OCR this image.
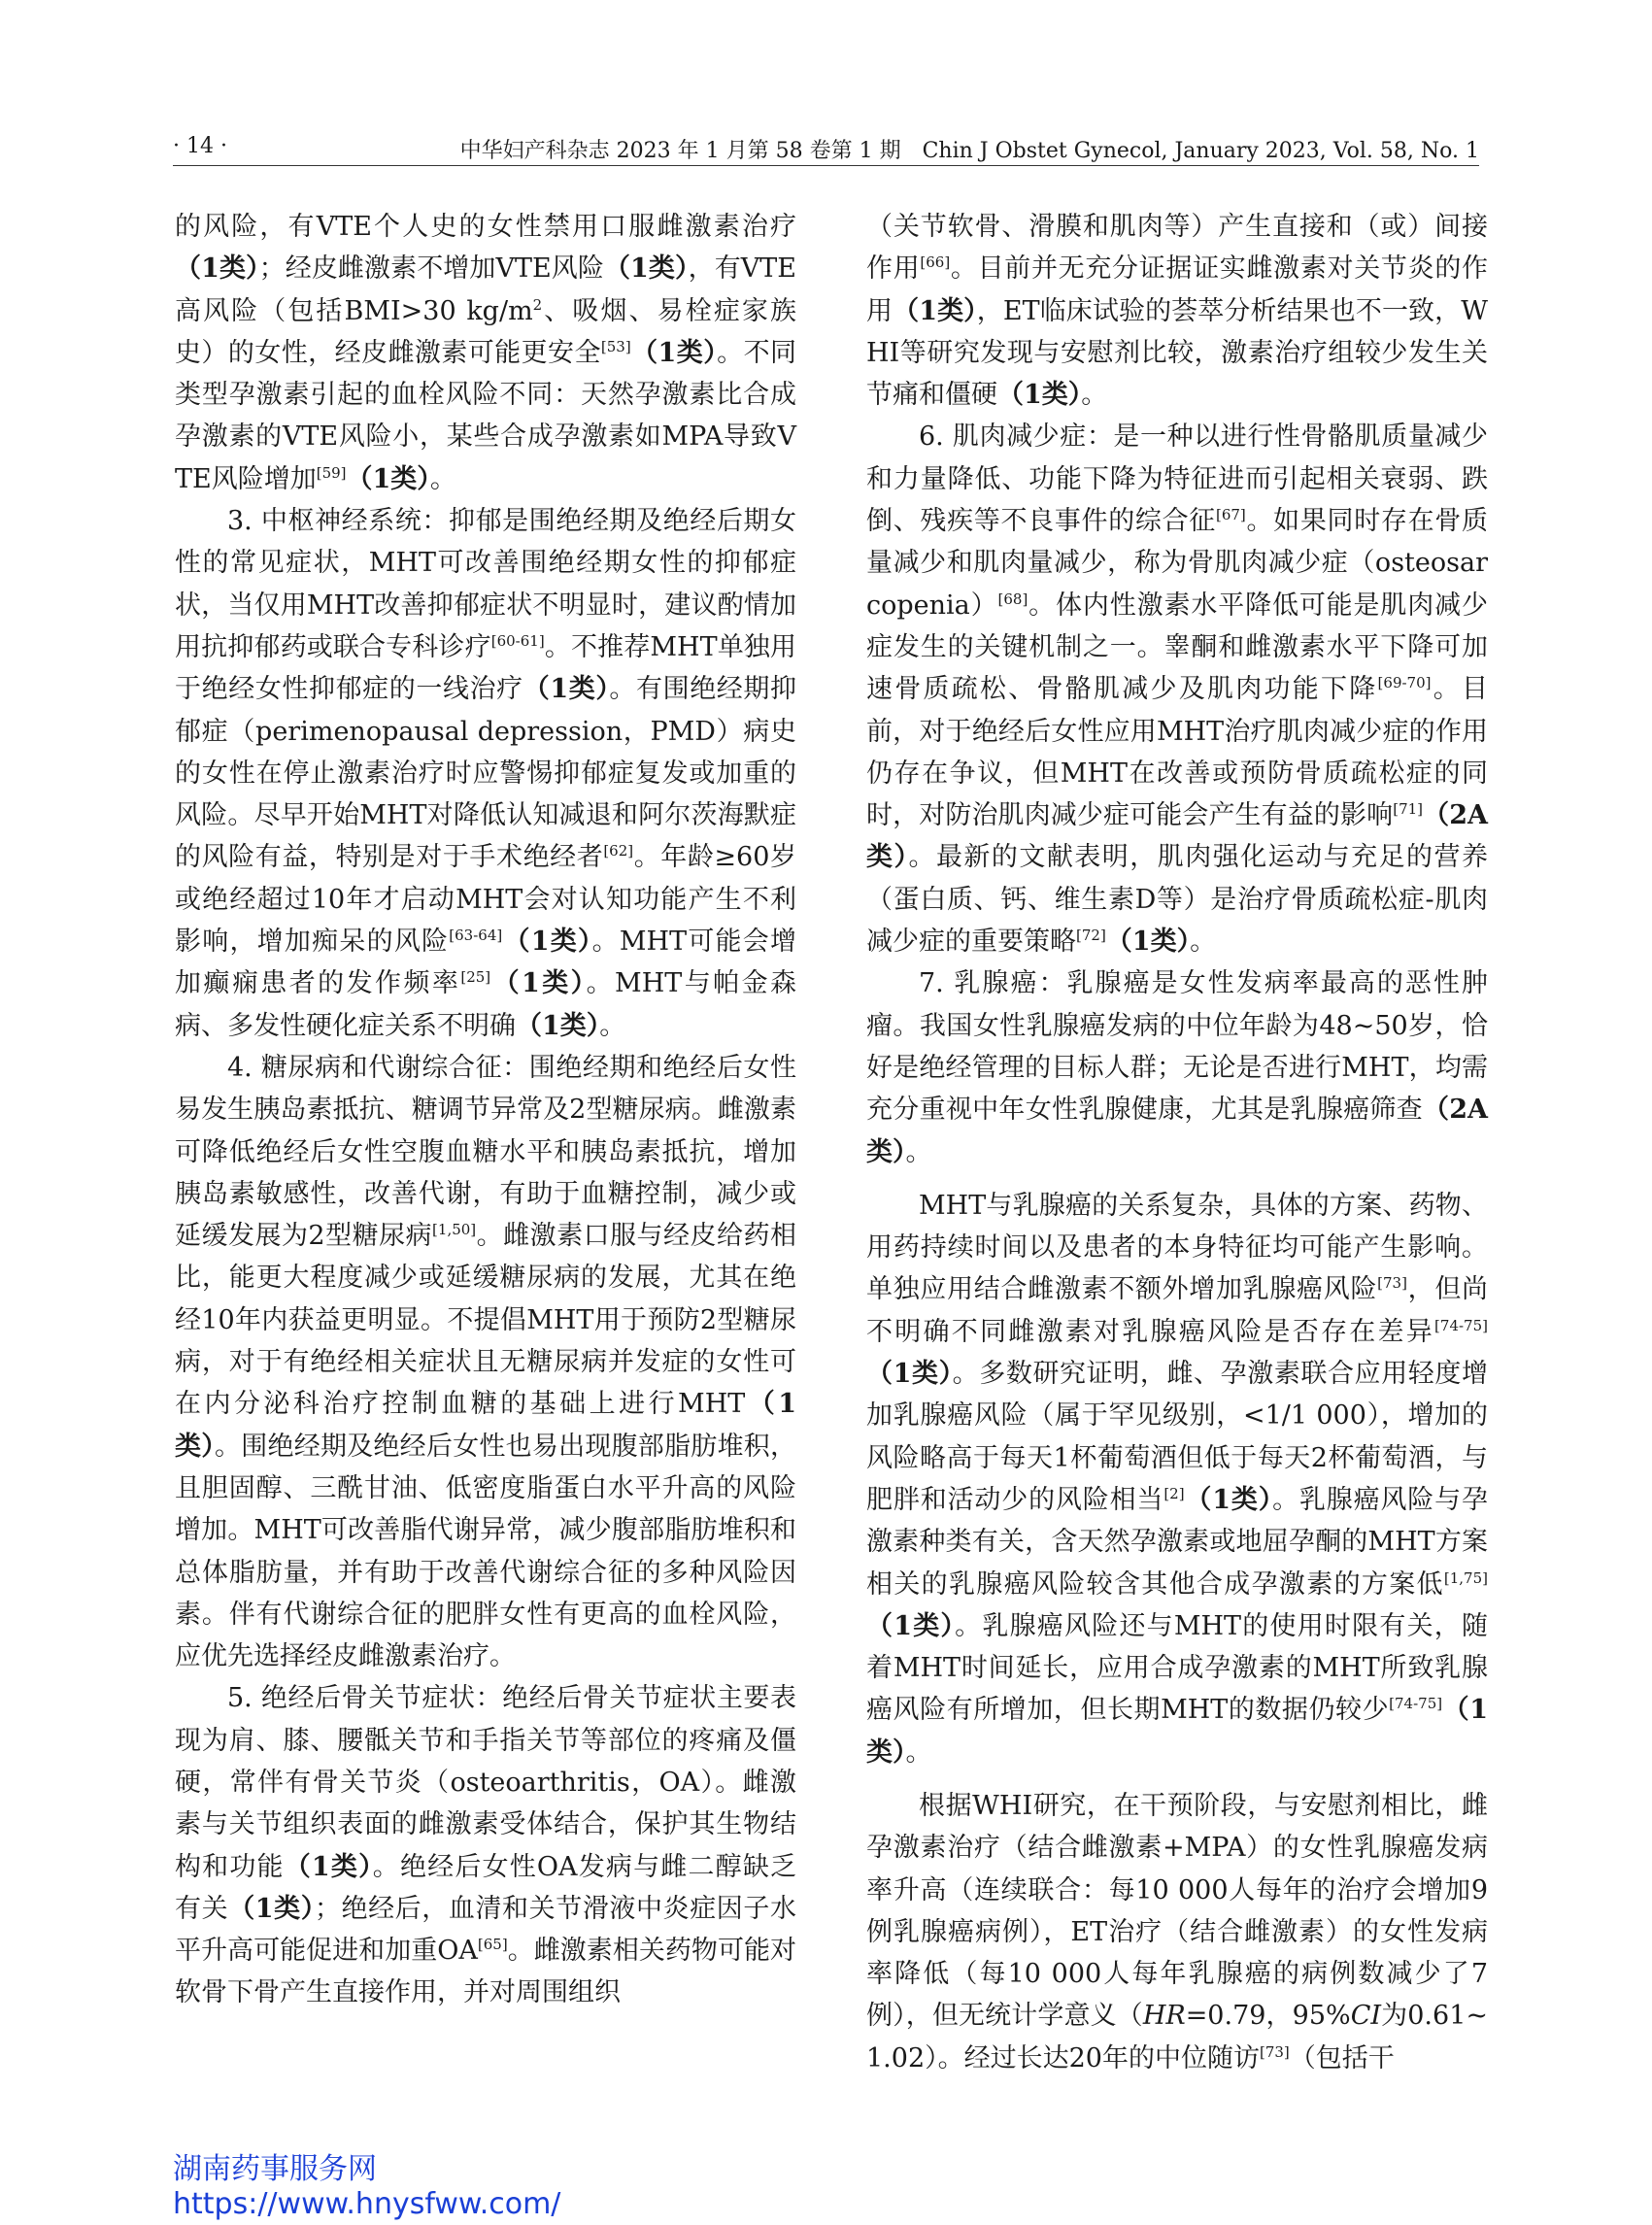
· 14 ·	中华妇产科杂志 2023 年 1 月第 58 卷第 1 期　Chin J Obstet Gynecol, January 2023, Vol. 58, No. 1

的风险，有VTE个人史的女性禁用口服雌激素治疗（1类）；经皮雌激素不增加VTE风险（1类），有VTE高风险（包括BMI>30 $kg/m^2$、吸烟、易栓症家族史）的女性，经皮雌激素可能更安全[53]（1类）。不同类型孕激素引起的血栓风险不同：天然孕激素比合成孕激素的VTE风险小，某些合成孕激素如MPA导致VTE风险增加[59]（1类）。

3. 中枢神经系统：抑郁是围绝经期及绝经后期女性的常见症状，MHT可改善围绝经期女性的抑郁症状，当仅用MHT改善抑郁症状不明显时，建议酌情加用抗抑郁药或联合专科诊疗[60-61]。不推荐MHT单独用于绝经女性抑郁症的一线治疗（1类）。有围绝经期抑郁症（perimenopausal depression，PMD）病史的女性在停止激素治疗时应警惕抑郁症复发或加重的风险。尽早开始MHT对降低认知减退和阿尔茨海默症的风险有益，特别是对于手术绝经者[62]。年龄≥60岁或绝经超过10年才启动MHT会对认知功能产生不利影响，增加痴呆的风险[63-64]（1类）。MHT可能会增加癫痫患者的发作频率[25]（1类）。MHT与帕金森病、多发性硬化症关系不明确（1类）。

4. 糖尿病和代谢综合征：围绝经期和绝经后女性易发生胰岛素抵抗、糖调节异常及2型糖尿病。雌激素可降低绝经后女性空腹血糖水平和胰岛素抵抗，增加胰岛素敏感性，改善代谢，有助于血糖控制，减少或延缓发展为2型糖尿病[1,50]。雌激素口服与经皮给药相比，能更大程度减少或延缓糖尿病的发展，尤其在绝经10年内获益更明显。不提倡MHT用于预防2型糖尿病，对于有绝经相关症状且无糖尿病并发症的女性可在内分泌科治疗控制血糖的基础上进行MHT（1类）。围绝经期及绝经后女性也易出现腹部脂肪堆积，且胆固醇、三酰甘油、低密度脂蛋白水平升高的风险增加。MHT可改善脂代谢异常，减少腹部脂肪堆积和总体脂肪量，并有助于改善代谢综合征的多种风险因素。伴有代谢综合征的肥胖女性有更高的血栓风险，应优先选择经皮雌激素治疗。

5. 绝经后骨关节症状：绝经后骨关节症状主要表现为肩、膝、腰骶关节和手指关节等部位的疼痛及僵硬，常伴有骨关节炎（osteoarthritis，OA）。雌激素与关节组织表面的雌激素受体结合，保护其生物结构和功能（1类）。绝经后女性OA发病与雌二醇缺乏有关（1类）；绝经后，血清和关节滑液中炎症因子水平升高可能促进和加重OA[65]。雌激素相关药物可能对软骨下骨产生直接作用，并对周围组织

（关节软骨、滑膜和肌肉等）产生直接和（或）间接作用[66]。目前并无充分证据证实雌激素对关节炎的作用（1类），ET临床试验的荟萃分析结果也不一致，WHI等研究发现与安慰剂比较，激素治疗组较少发生关节痛和僵硬（1类）。

6. 肌肉减少症：是一种以进行性骨骼肌质量减少和力量降低、功能下降为特征进而引起相关衰弱、跌倒、残疾等不良事件的综合征[67]。如果同时存在骨质量减少和肌肉量减少，称为骨肌肉减少症（osteosarcopenia）[68]。体内性激素水平降低可能是肌肉减少症发生的关键机制之一。睾酮和雌激素水平下降可加速骨质疏松、骨骼肌减少及肌肉功能下降[69-70]。目前，对于绝经后女性应用MHT治疗肌肉减少症的作用仍存在争议，但MHT在改善或预防骨质疏松症的同时，对防治肌肉减少症可能会产生有益的影响[71]（2A类）。最新的文献表明，肌肉强化运动与充足的营养（蛋白质、钙、维生素D等）是治疗骨质疏松症-肌肉减少症的重要策略[72]（1类）。

7. 乳腺癌：乳腺癌是女性发病率最高的恶性肿瘤。我国女性乳腺癌发病的中位年龄为48~50岁，恰好是绝经管理的目标人群；无论是否进行MHT，均需充分重视中年女性乳腺健康，尤其是乳腺癌筛查（2A类）。

MHT与乳腺癌的关系复杂，具体的方案、药物、用药持续时间以及患者的本身特征均可能产生影响。单独应用结合雌激素不额外增加乳腺癌风险[73]，但尚不明确不同雌激素对乳腺癌风险是否存在差异[74-75]（1类）。多数研究证明，雌、孕激素联合应用轻度增加乳腺癌风险（属于罕见级别，<1/1 000），增加的风险略高于每天1杯葡萄酒但低于每天2杯葡萄酒，与肥胖和活动少的风险相当[2]（1类）。乳腺癌风险与孕激素种类有关，含天然孕激素或地屈孕酮的MHT方案相关的乳腺癌风险较含其他合成孕激素的方案低[1,75]（1类）。乳腺癌风险还与MHT的使用时限有关，随着MHT时间延长，应用合成孕激素的MHT所致乳腺癌风险有所增加，但长期MHT的数据仍较少[74-75]（1类）。

根据WHI研究，在干预阶段，与安慰剂相比，雌孕激素治疗（结合雌激素+MPA）的女性乳腺癌发病率升高（连续联合：每10 000人每年的治疗会增加9例乳腺癌病例），ET治疗（结合雌激素）的女性发病率降低（每10 000人每年乳腺癌的病例数减少了7例），但无统计学意义（HR=0.79，95%CI为0.61~1.02）。经过长达20年的中位随访[73]（包括干

湖南药事服务网
https://www.hnysfww.com/
